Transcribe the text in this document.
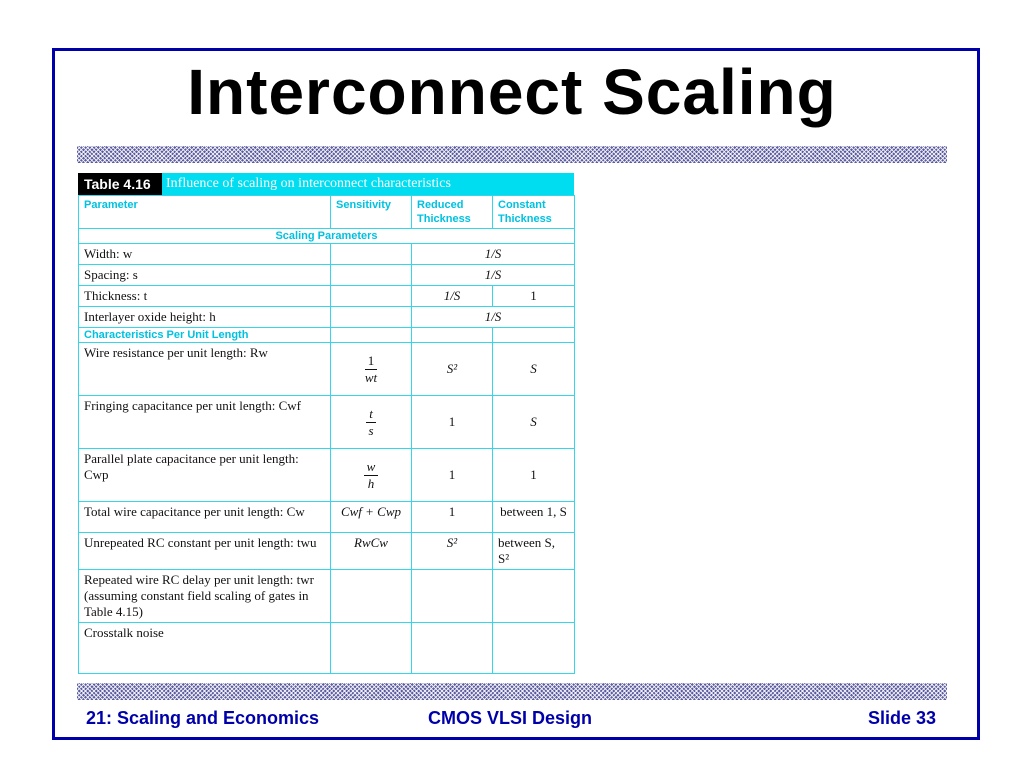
Interconnect Scaling
Table 4.16	Influence of scaling on interconnect characteristics
Parameter	Sensitivity	Reduced Thickness	Constant Thickness
Scaling Parameters			
Width: w		1/S	
Spacing: s		1/S	
Thickness: t		1/S	1
Interlayer oxide height: h		1/S	
Characteristics Per Unit Length			
Wire resistance per unit length: Rw	$\frac{1}{wt}$	S²	S
Fringing capacitance per unit length: Cwf	$\frac{t}{s}$	1	S
Parallel plate capacitance per unit length: Cwp	$\frac{w}{h}$	1	1
Total wire capacitance per unit length: Cw	Cwf + Cwp	1	between 1, S
Unrepeated RC constant per unit length: twu	RwCw	S²	between S, S²
Repeated wire RC delay per unit length: twr (assuming constant field scaling of gates in Table 4.15)			
Crosstalk noise			
21: Scaling and Economics	CMOS VLSI Design	Slide 33
